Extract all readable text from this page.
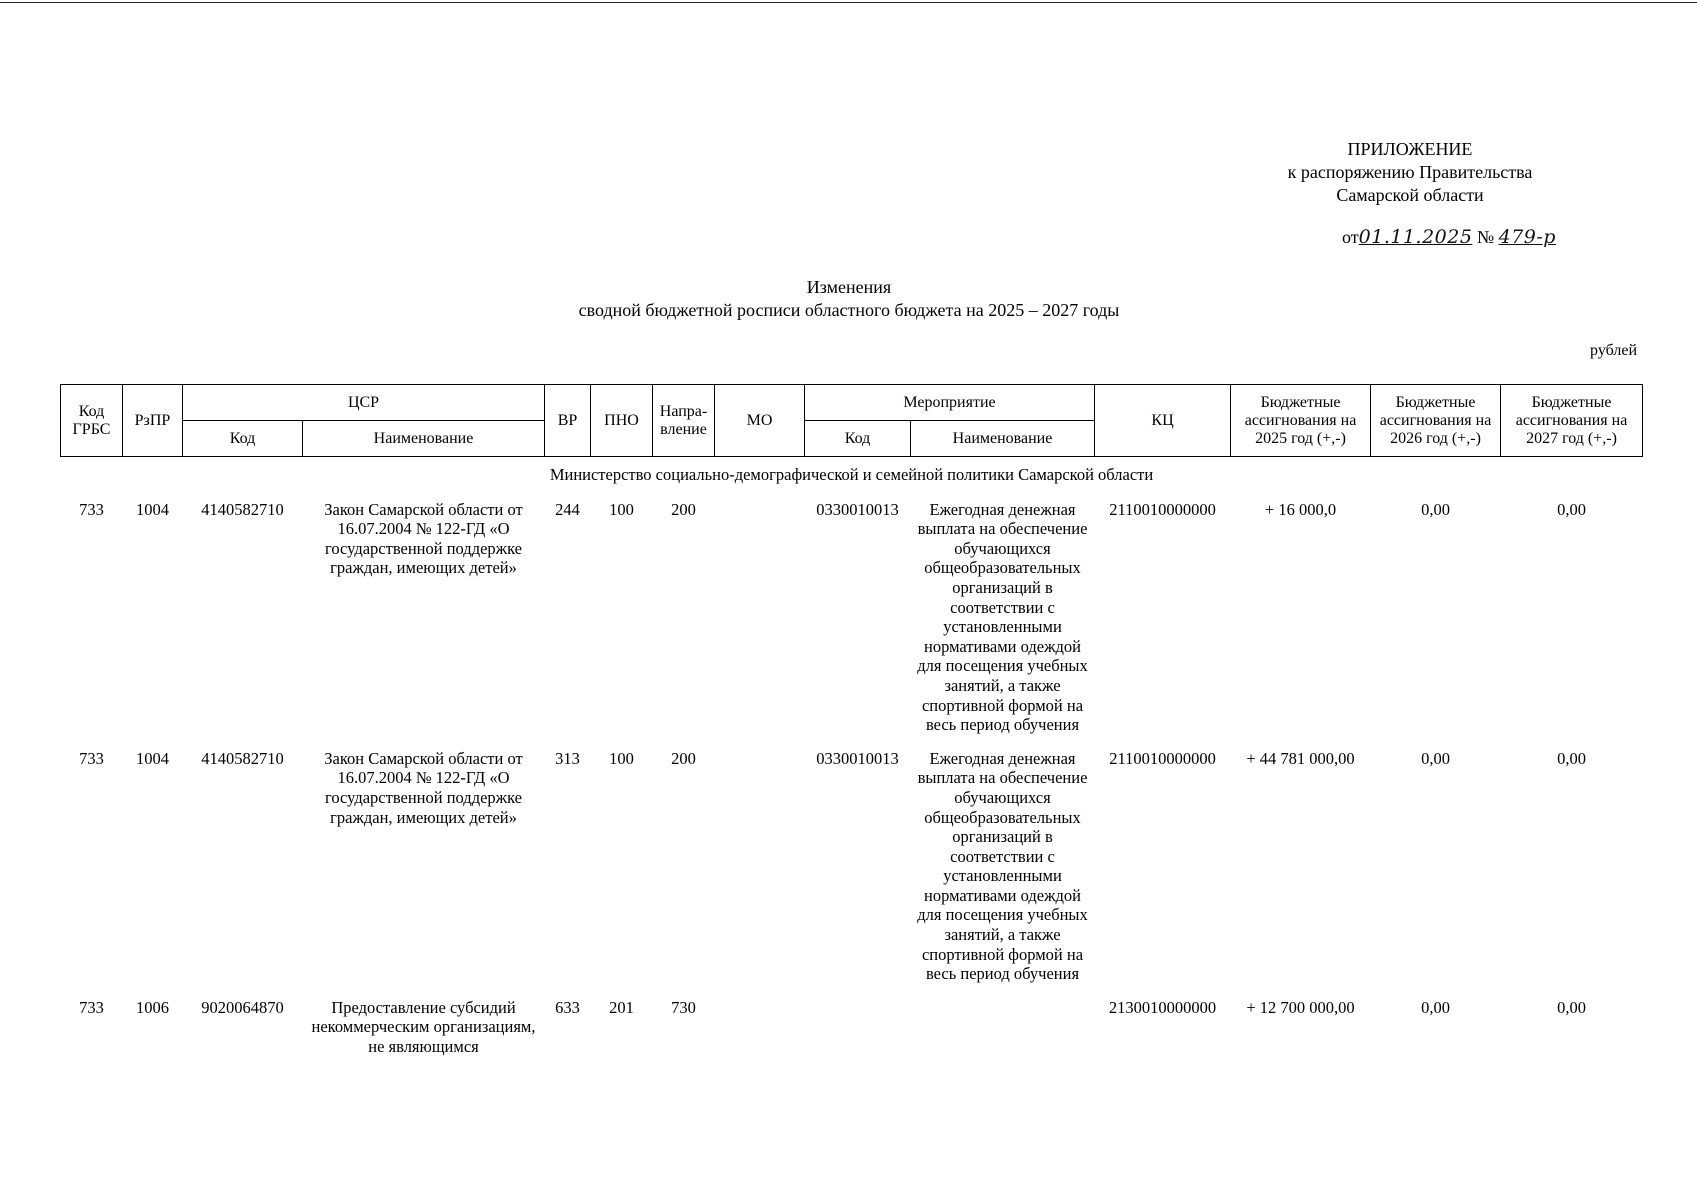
ПРИЛОЖЕНИЕ
к распоряжению Правительства
Самарской области
от01.11.2025 № 479-р
Изменения
сводной бюджетной росписи областного бюджета на 2025 – 2027 годы
рублей
Код ГРБС	РзПР	ЦСР		ВР	ПНО	Напра-вление	МО	Мероприятие		КЦ	Бюджетные ассигнования на 2025 год (+,-)	Бюджетные ассигнования на 2026 год (+,-)	Бюджетные ассигнования на 2027 год (+,-)
		Код	Наименование					Код	Наименование				
Министерство социально-демографической и семейной политики Самарской области													
733	1004	4140582710	Закон Самарской области от 16.07.2004 № 122-ГД «О государственной поддержке граждан, имеющих детей»	244	100	200		0330010013	Ежегодная денежная выплата на обеспечение обучающихся общеобразовательных организаций в соответствии с установленными нормативами одеждой для посещения учебных занятий, а также спортивной формой на весь период обучения	2110010000000	+ 16 000,0	0,00	0,00
733	1004	4140582710	Закон Самарской области от 16.07.2004 № 122-ГД «О государственной поддержке граждан, имеющих детей»	313	100	200		0330010013	Ежегодная денежная выплата на обеспечение обучающихся общеобразовательных организаций в соответствии с установленными нормативами одеждой для посещения учебных занятий, а также спортивной формой на весь период обучения	2110010000000	+ 44 781 000,00	0,00	0,00
733	1006	9020064870	Предоставление субсидий некоммерческим организациям, не являющимся	633	201	730				2130010000000	+ 12 700 000,00	0,00	0,00
